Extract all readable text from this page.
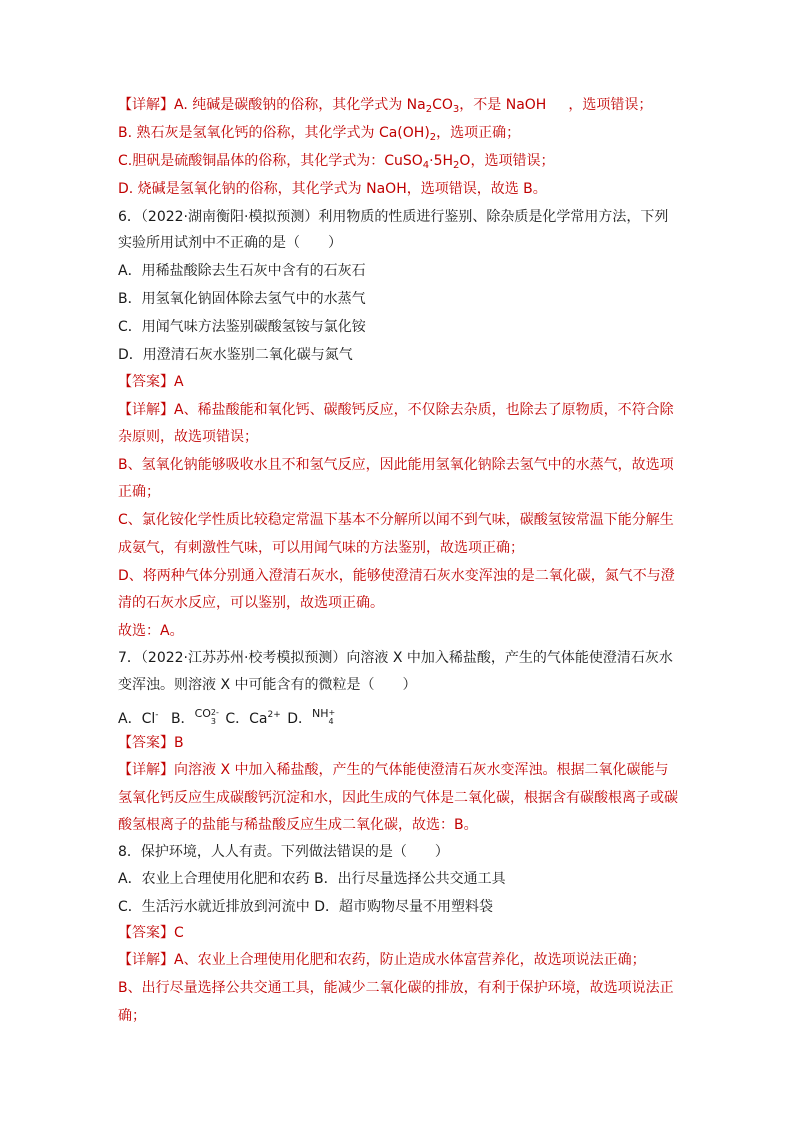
【详解】A. 纯碱是碳酸钠的俗称，其化学式为 $Na_2CO_3$，不是 NaOH ，选项错误；
B. 熟石灰是氢氧化钙的俗称，其化学式为 $Ca(OH)_2$，选项正确；
C.胆矾是硫酸铜晶体的俗称，其化学式为：$CuSO_4\cdot 5H_2O$，选项错误；
D. 烧碱是氢氧化钠的俗称，其化学式为 NaOH，选项错误，故选 B。
6．（2022·湖南衡阳·模拟预测）利用物质的性质进行鉴别、除杂质是化学常用方法，下列
实验所用试剂中不正确的是（　　）
A．用稀盐酸除去生石灰中含有的石灰石
B．用氢氧化钠固体除去氢气中的水蒸气
C．用闻气味方法鉴别碳酸氢铵与氯化铵
D．用澄清石灰水鉴别二氧化碳与氮气
【答案】A
【详解】A、稀盐酸能和氧化钙、碳酸钙反应，不仅除去杂质，也除去了原物质，不符合除
杂原则，故选项错误；
B、氢氧化钠能够吸收水且不和氢气反应，因此能用氢氧化钠除去氢气中的水蒸气，故选项
正确；
C、氯化铵化学性质比较稳定常温下基本不分解所以闻不到气味，碳酸氢铵常温下能分解生
成氨气，有刺激性气味，可以用闻气味的方法鉴别，故选项正确；
D、将两种气体分别通入澄清石灰水，能够使澄清石灰水变浑浊的是二氧化碳，氮气不与澄
清的石灰水反应，可以鉴别，故选项正确。
故选：A。
7．（2022·江苏苏州·校考模拟预测）向溶液 X 中加入稀盐酸，产生的气体能使澄清石灰水
变浑浊。则溶液 X 中可能含有的微粒是（　　）
A．Cl- B．CO 2-
3 C．$Ca^{2+}$ D．NH +
4
【答案】B
【详解】向溶液 X 中加入稀盐酸，产生的气体能使澄清石灰水变浑浊。根据二氧化碳能与
氢氧化钙反应生成碳酸钙沉淀和水，因此生成的气体是二氧化碳，根据含有碳酸根离子或碳
酸氢根离子的盐能与稀盐酸反应生成二氧化碳，故选：B。
8．保护环境，人人有责。下列做法错误的是（　　）
A．农业上合理使用化肥和农药 B．出行尽量选择公共交通工具
C．生活污水就近排放到河流中 D．超市购物尽量不用塑料袋
【答案】C
【详解】A、农业上合理使用化肥和农药，防止造成水体富营养化，故选项说法正确；
B、出行尽量选择公共交通工具，能减少二氧化碳的排放，有利于保护环境，故选项说法正
确；
